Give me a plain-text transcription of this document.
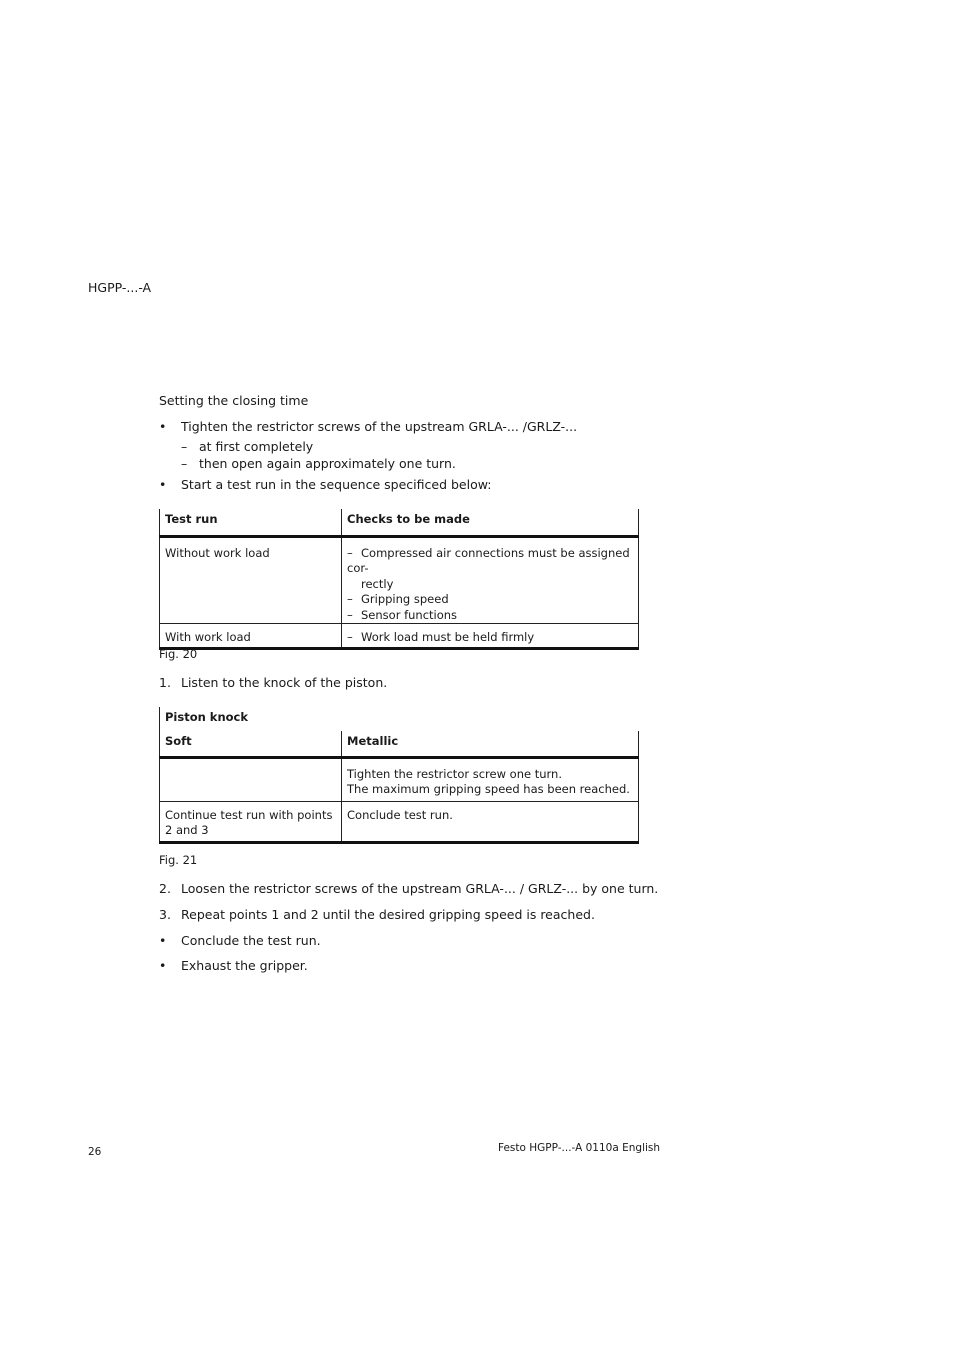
HGPP-...-A
Setting the closing time
• Tighten the restrictor screws of the upstream GRLA-... /GRLZ-...
– at first completely
– then open again approximately one turn.
• Start a test run in the sequence specificed below:
Test run	Checks to be made
Without work load	– Compressed air connections must be assigned cor-
rectly
– Gripping speed
– Sensor functions

With work load	– Work load must be held firmly
Fig. 20
1. Listen to the knock of the piston.
Piston knock	
Soft	Metallic

	Tighten the restrictor screw one turn.
The maximum gripping speed has been reached.

Continue test run with points
2 and 3	Conclude test run.
Fig. 21
2. Loosen the restrictor screws of the upstream GRLA-... / GRLZ-... by one turn.
3. Repeat points 1 and 2 until the desired gripping speed is reached.
• Conclude the test run.
• Exhaust the gripper.
26	Festo HGPP-...-A 0110a English
